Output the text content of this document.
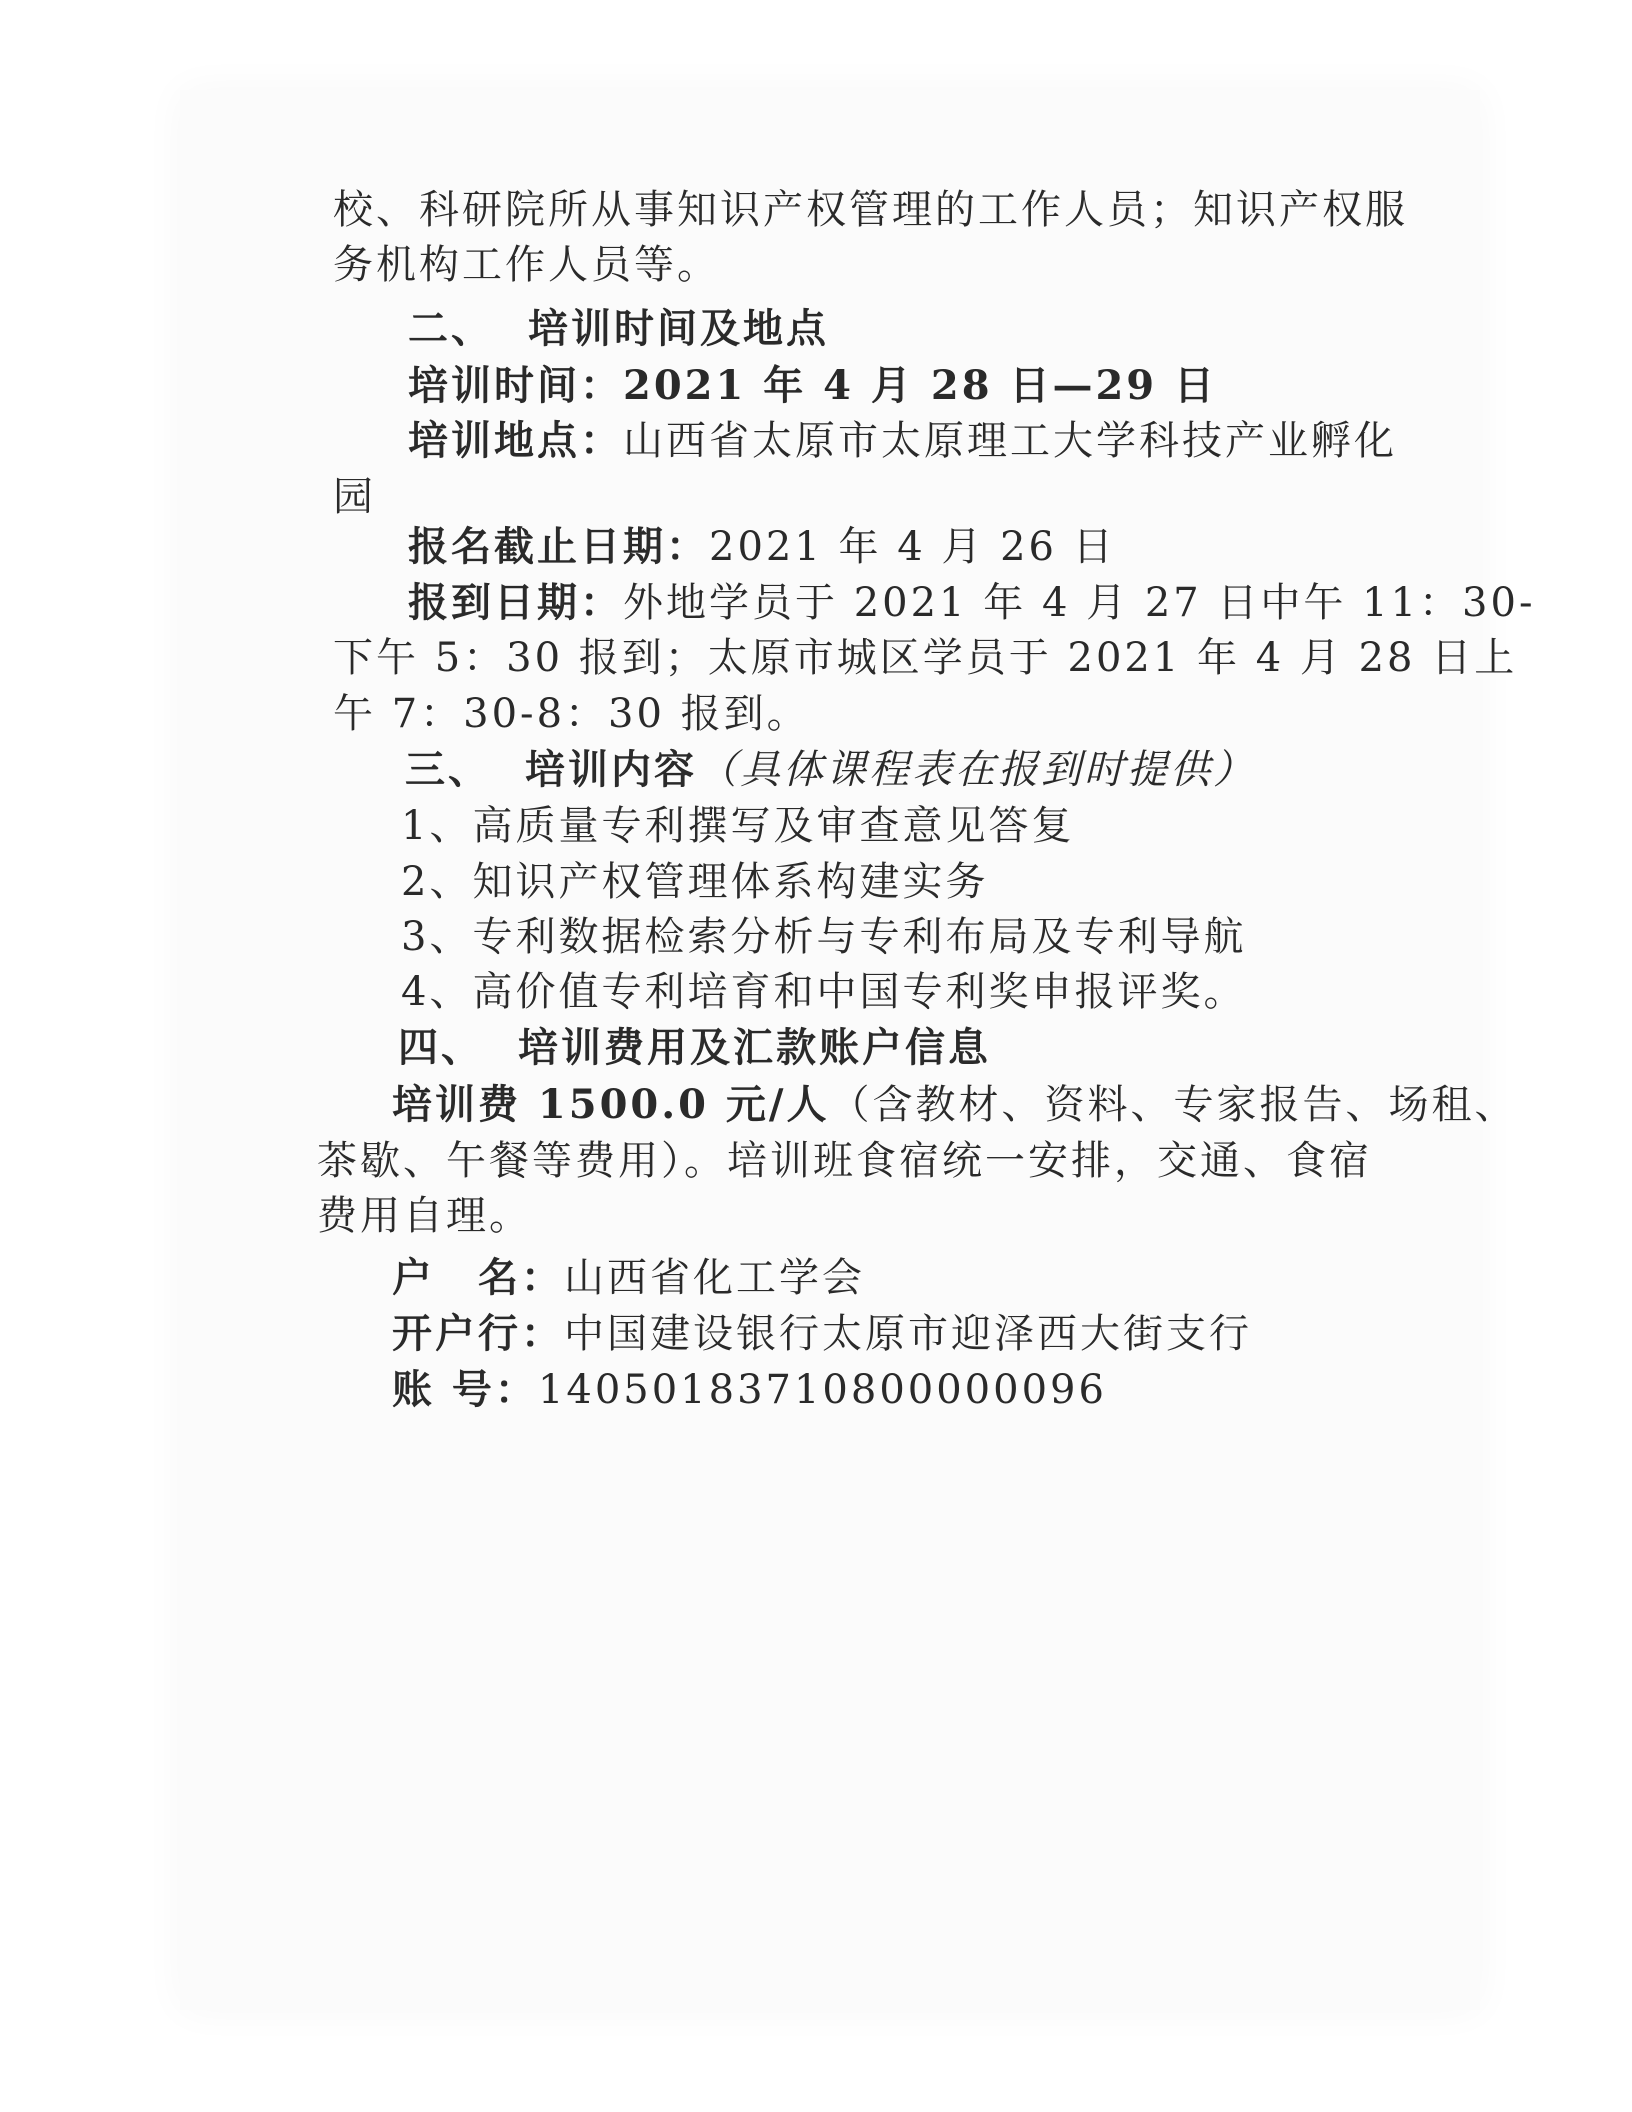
校、科研院所从事知识产权管理的工作人员；知识产权服
务机构工作人员等。
二、 培训时间及地点
培训时间：2021 年 4 月 28 日—29 日
培训地点：山西省太原市太原理工大学科技产业孵化
园
报名截止日期：2021 年 4 月 26 日
报到日期：外地学员于 2021 年 4 月 27 日中午 11：30-
下午 5：30 报到；太原市城区学员于 2021 年 4 月 28 日上
午 7：30-8：30 报到。
三、 培训内容（具体课程表在报到时提供）
1、高质量专利撰写及审查意见答复
2、知识产权管理体系构建实务
3、专利数据检索分析与专利布局及专利导航
4、高价值专利培育和中国专利奖申报评奖。
四、 培训费用及汇款账户信息
培训费 1500.0 元/人（含教材、资料、专家报告、场租、
茶歇、午餐等费用）。培训班食宿统一安排，交通、食宿
费用自理。
户　名：山西省化工学会
开户行：中国建设银行太原市迎泽西大街支行
账 号：14050183710800000096
